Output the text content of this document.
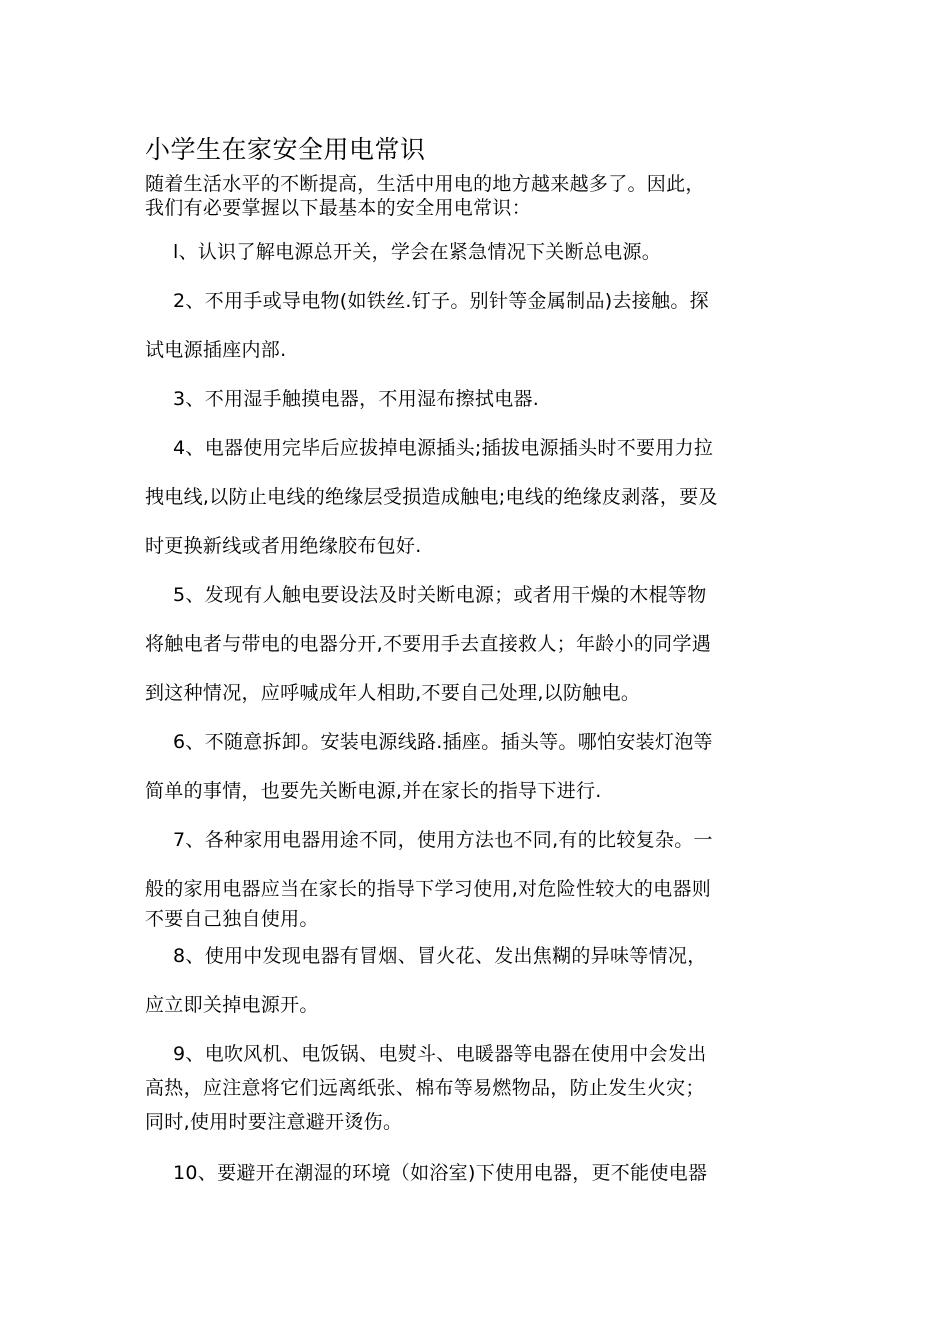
小学生在家安全用电常识

随着生活水平的不断提高，生活中用电的地方越来越多了。因此，
我们有必要掌握以下最基本的安全用电常识：

l、认识了解电源总开关，学会在紧急情况下关断总电源。

2、不用手或导电物(如铁丝.钉子。别针等金属制品)去接触。探
试电源插座内部.

3、不用湿手触摸电器，不用湿布擦拭电器.

4、电器使用完毕后应拔掉电源插头;插拔电源插头时不要用力拉
拽电线,以防止电线的绝缘层受损造成触电;电线的绝缘皮剥落，要及
时更换新线或者用绝缘胶布包好.

5、发现有人触电要设法及时关断电源；或者用干燥的木棍等物
将触电者与带电的电器分开,不要用手去直接救人；年龄小的同学遇
到这种情况，应呼喊成年人相助,不要自己处理,以防触电。

6、不随意拆卸。安装电源线路.插座。插头等。哪怕安装灯泡等
简单的事情，也要先关断电源,并在家长的指导下进行.

7、各种家用电器用途不同，使用方法也不同,有的比较复杂。一
般的家用电器应当在家长的指导下学习使用,对危险性较大的电器则
不要自己独自使用。

8、使用中发现电器有冒烟、冒火花、发出焦糊的异味等情况，
应立即关掉电源开。

9、电吹风机、电饭锅、电熨斗、电暖器等电器在使用中会发出
高热，应注意将它们远离纸张、棉布等易燃物品，防止发生火灾；
同时,使用时要注意避开烫伤。

10、要避开在潮湿的环境（如浴室)下使用电器，更不能使电器
